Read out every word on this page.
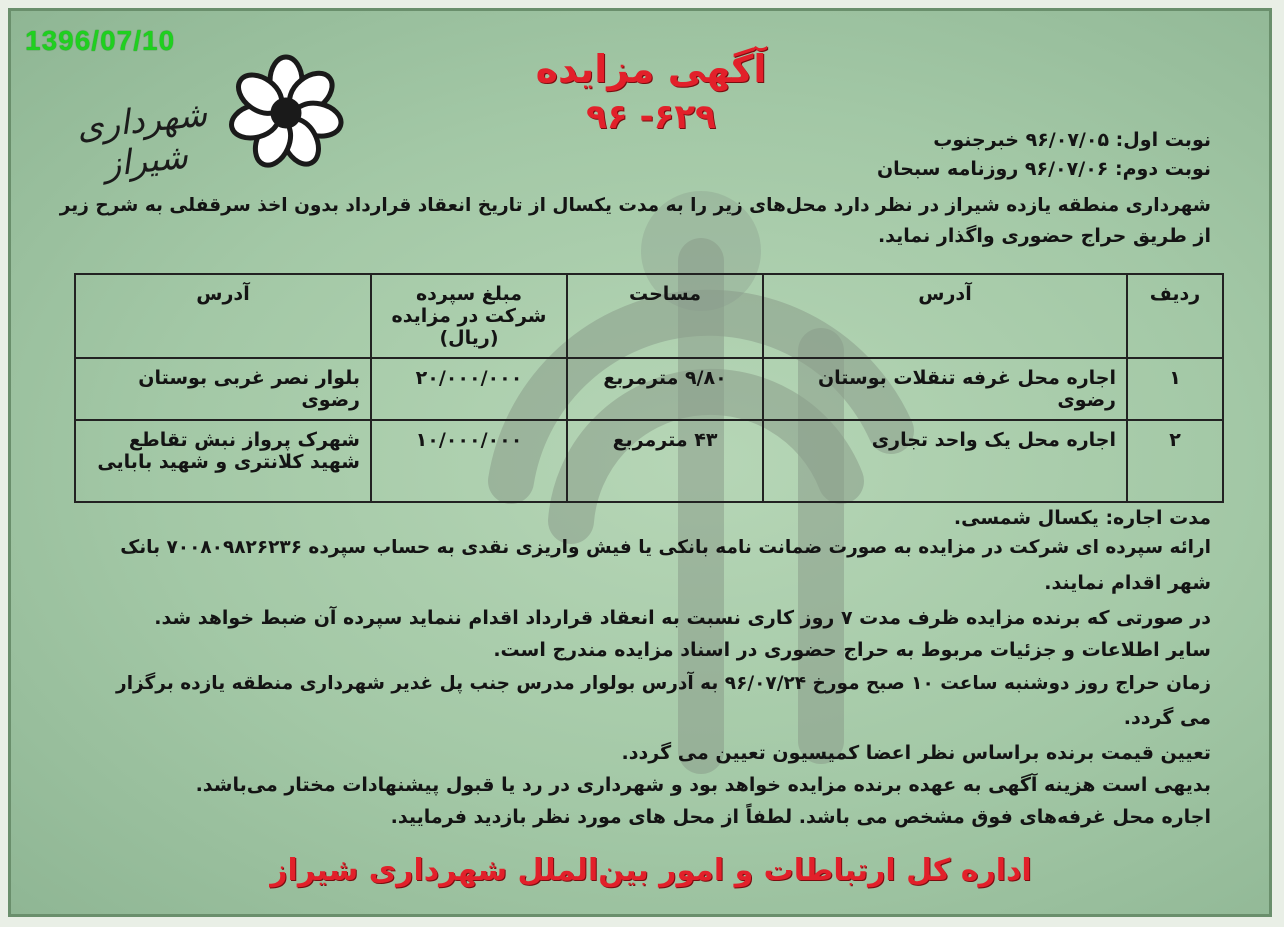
1396/07/10
شهرداری شیراز
آگهی مزایده
۹۶ -۶۲۹
نوبت اول: ۹۶/۰۷/۰۵ خبرجنوب
نوبت دوم: ۹۶/۰۷/۰۶ روزنامه سبحان
شهرداری منطقه یازده شیراز در نظر دارد محل‌های زیر را به مدت یکسال از تاریخ انعقاد قرارداد بدون اخذ سرقفلی به شرح زیر
از طریق حراج حضوری واگذار نماید.
ردیف	آدرس	مساحت	مبلغ سپرده شرکت در مزایده (ریال)	آدرس
۱	اجاره محل غرفه تنقلات بوستان رضوی	۹/۸۰ مترمربع	۲۰/۰۰۰/۰۰۰	بلوار نصر غربی بوستان رضوی
۲	اجاره محل یک واحد تجاری	۴۳ مترمربع	۱۰/۰۰۰/۰۰۰	شهرک پرواز نبش تقاطع شهید کلانتری و شهید بابایی
مدت اجاره: یکسال شمسی.
ارائه سپرده ای شرکت در مزایده به صورت ضمانت نامه بانکی یا فیش واریزی نقدی به حساب سپرده ۷۰۰۸۰۹۸۲۶۲۳۶ بانک
شهر اقدام نمایند.
در صورتی که برنده مزایده ظرف مدت ۷ روز کاری نسبت به انعقاد قرارداد اقدام ننماید سپرده آن ضبط خواهد شد.
سایر اطلاعات و جزئیات مربوط به حراج حضوری در اسناد مزایده مندرج است.
زمان حراج روز دوشنبه ساعت ۱۰ صبح مورخ ۹۶/۰۷/۲۴ به آدرس بولوار مدرس جنب پل غدیر شهرداری منطقه یازده برگزار
می گردد.
تعیین قیمت برنده براساس نظر اعضا کمیسیون تعیین می گردد.
بدیهی است هزینه آگهی به عهده برنده مزایده خواهد بود و شهرداری در رد یا قبول پیشنهادات مختار می‌باشد.
اجاره محل غرفه‌های فوق مشخص می باشد. لطفاً از محل های مورد نظر بازدید فرمایید.
اداره کل ارتباطات و امور بین‌الملل شهرداری شیراز
